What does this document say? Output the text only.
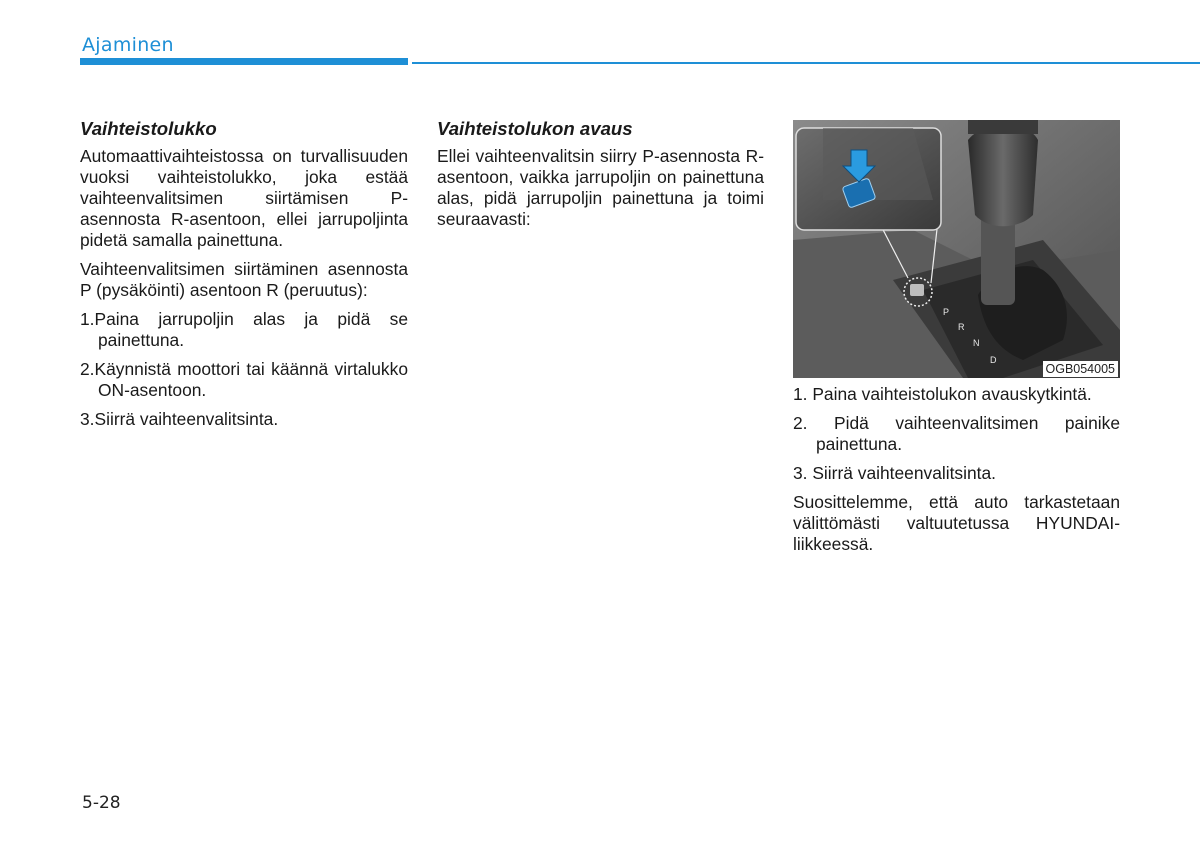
Ajaminen
Vaihteistolukko

Automaattivaihteistossa on turvallisuuden vuoksi vaihteistolukko, joka estää vaihteenvalitsimen siirtämisen P-asennosta R-asentoon, ellei jarrupoljinta pidetä samalla painettuna.

Vaihteenvalitsimen siirtäminen asennosta P (pysäköinti) asentoon R (peruutus):

1.Paina jarrupoljin alas ja pidä se painettuna.
2.Käynnistä moottori tai käännä virtalukko ON-asentoon.
3.Siirrä vaihteenvalitsinta.
Vaihteistolukon avaus

Ellei vaihteenvalitsin siirry P-asennosta R-asentoon, vaikka jarrupoljin on painettuna alas, pidä jarrupoljin painettuna ja toimi seuraavasti:

P
R
N
D
OGB054005
1. Paina vaihteistolukon avauskytkintä.
2. Pidä vaihteenvalitsimen painike painettuna.
3. Siirrä vaihteenvalitsinta.

Suosittelemme, että auto tarkastetaan välittömästi valtuutetussa HYUNDAI-liikkeessä.

5-28
